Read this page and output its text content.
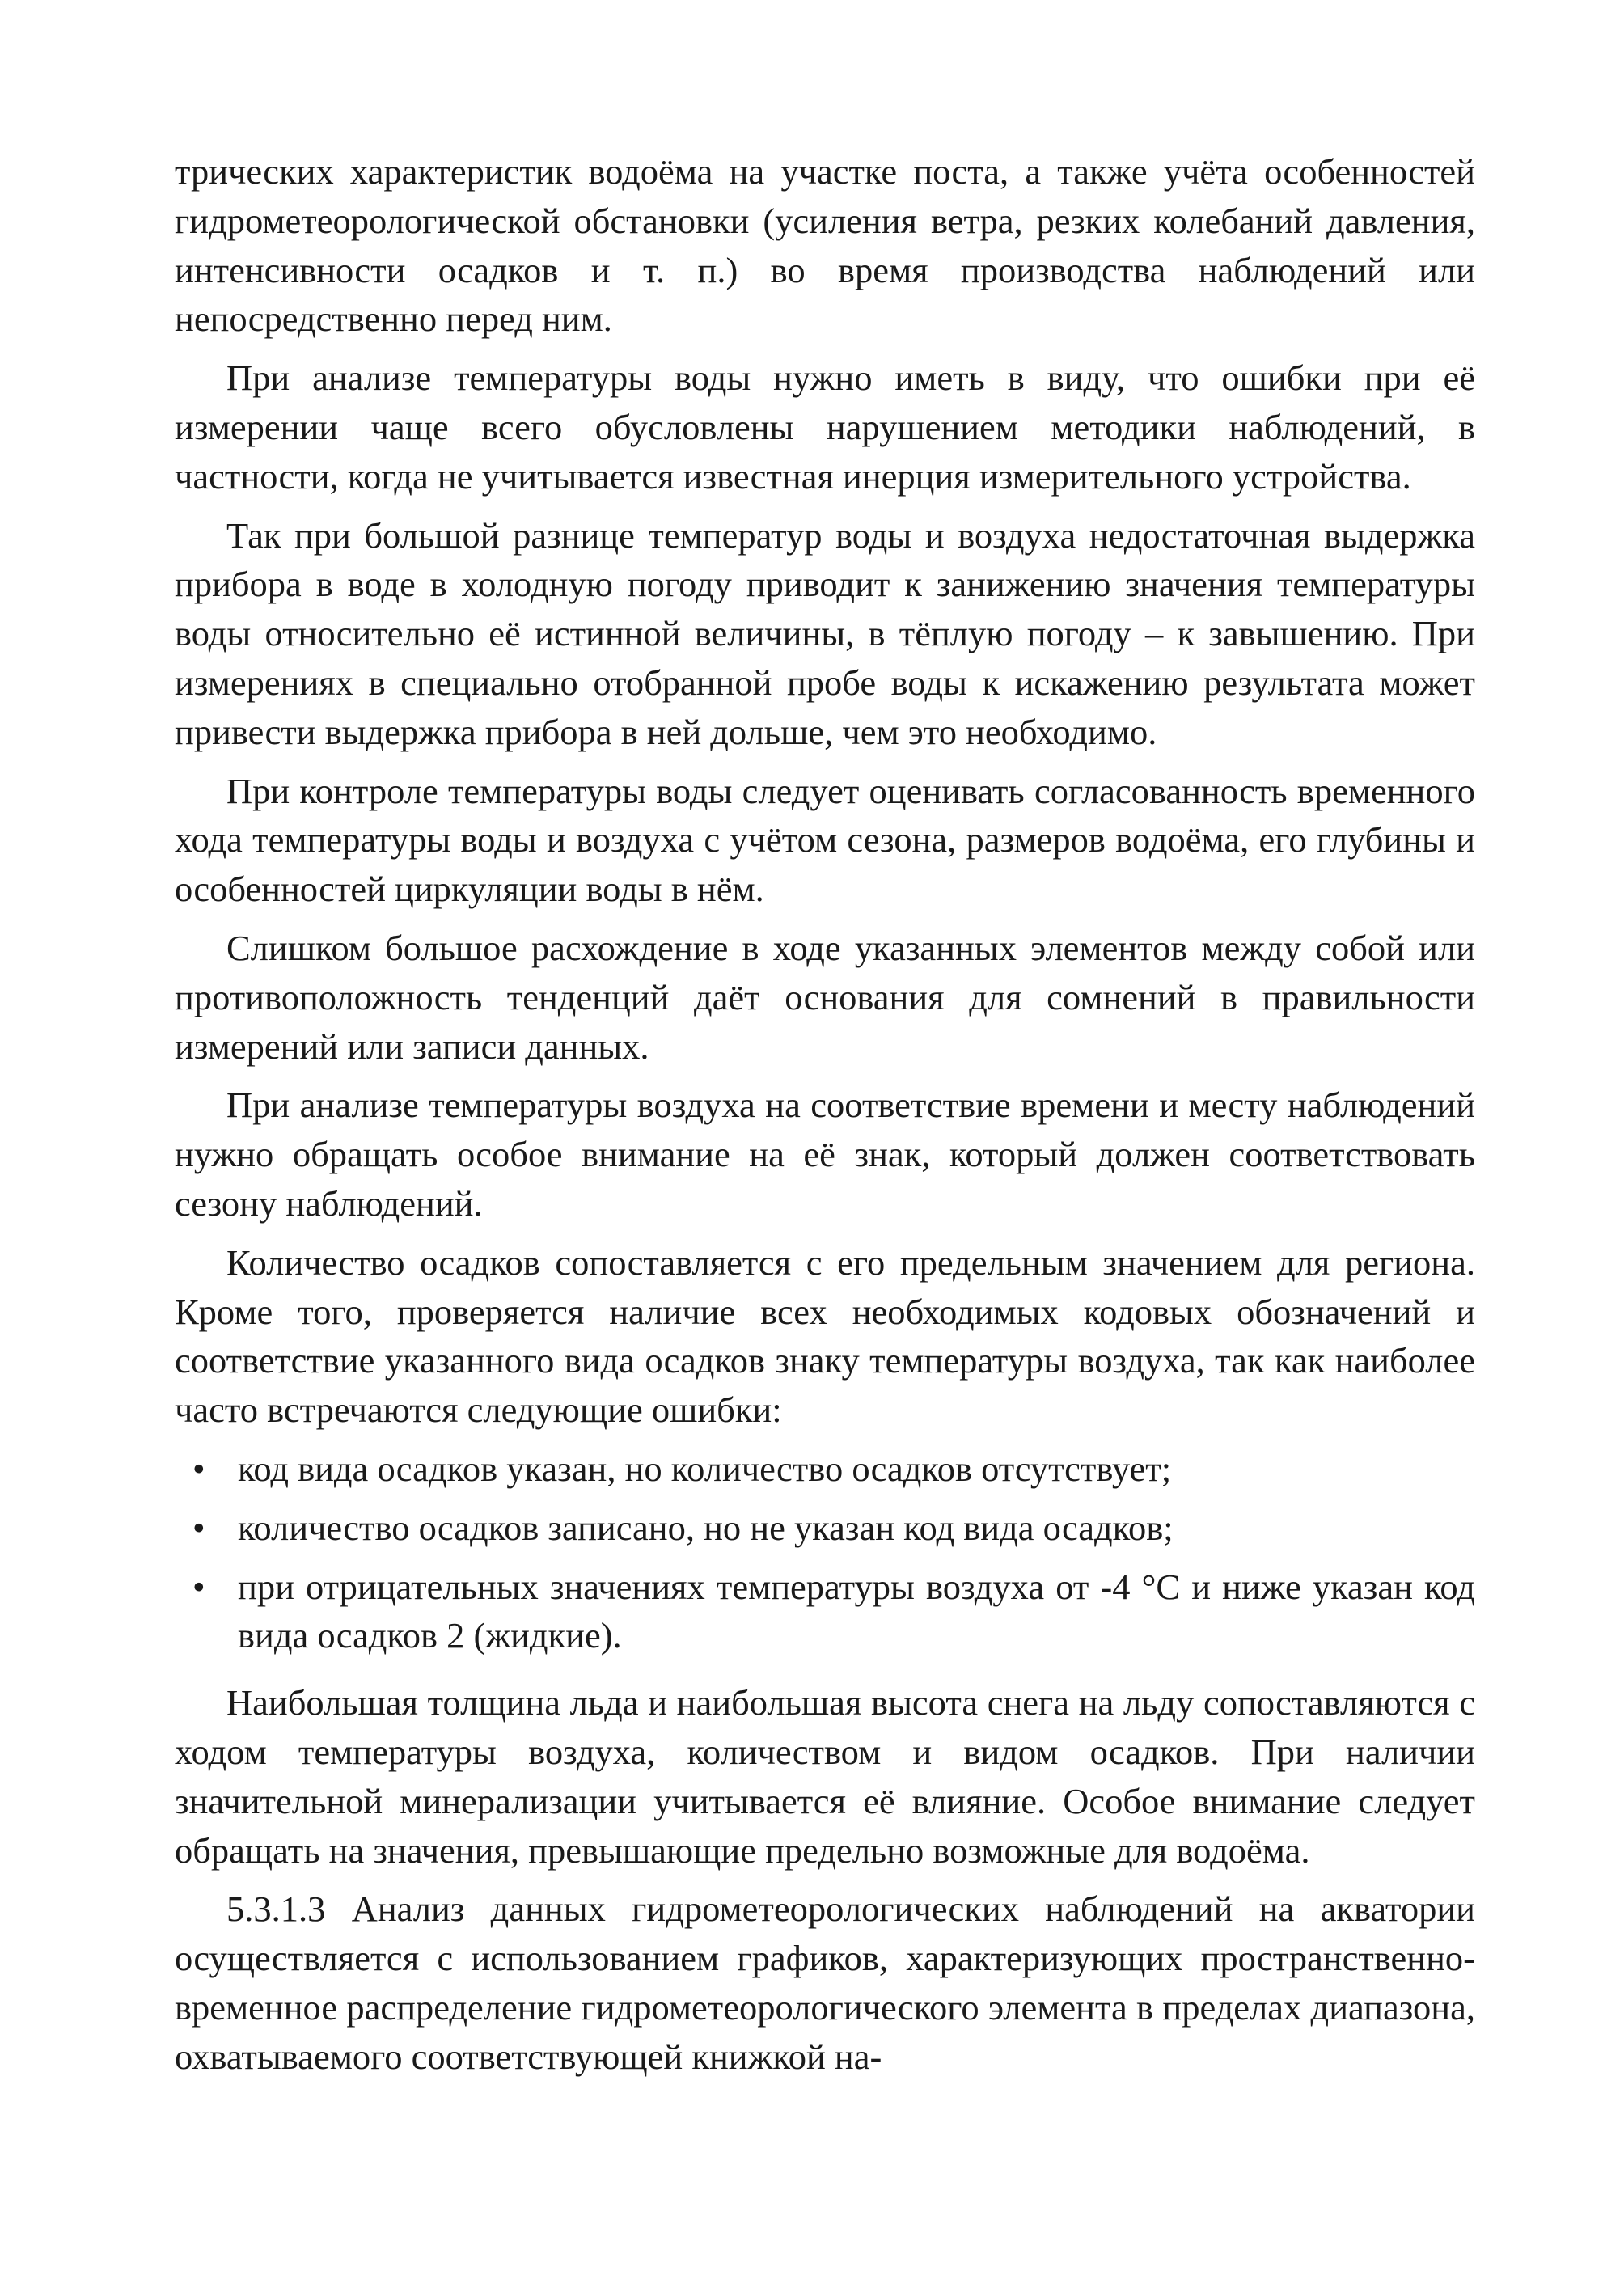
трических характеристик водоёма на участке поста, а также учёта особенностей гидрометеорологической обстановки (усиления ветра, резких колебаний давления, интенсивности осадков и т. п.) во время производства наблюдений или непосредственно перед ним.

При анализе температуры воды нужно иметь в виду, что ошибки при её измерении чаще всего обусловлены нарушением методики наблюдений, в частности, когда не учитывается известная инерция измерительного устройства.

Так при большой разнице температур воды и воздуха недостаточная выдержка прибора в воде в холодную погоду приводит к занижению значения температуры воды относительно её истинной величины, в тёплую погоду – к завышению. При измерениях в специально отобранной пробе воды к искажению результата может привести выдержка прибора в ней дольше, чем это необходимо.

При контроле температуры воды следует оценивать согласованность временного хода температуры воды и воздуха с учётом сезона, размеров водоёма, его глубины и особенностей циркуляции воды в нём.

Слишком большое расхождение в ходе указанных элементов между собой или противоположность тенденций даёт основания для сомнений в правильности измерений или записи данных.

При анализе температуры воздуха на соответствие времени и месту наблюдений нужно обращать особое внимание на её знак, который должен соответствовать сезону наблюдений.

Количество осадков сопоставляется с его предельным значением для региона. Кроме того, проверяется наличие всех необходимых кодовых обозначений и соответствие указанного вида осадков знаку температуры воздуха, так как наиболее часто встречаются следующие ошибки:

• код вида осадков указан, но количество осадков отсутствует;
• количество осадков записано, но не указан код вида осадков;
• при отрицательных значениях температуры воздуха от -4 °C и ниже указан код вида осадков 2 (жидкие).

Наибольшая толщина льда и наибольшая высота снега на льду сопоставляются с ходом температуры воздуха, количеством и видом осадков. При наличии значительной минерализации учитывается её влияние. Особое внимание следует обращать на значения, превышающие предельно возможные для водоёма.

5.3.1.3 Анализ данных гидрометеорологических наблюдений на акватории осуществляется с использованием графиков, характеризующих пространственно-временное распределение гидрометеорологического элемента в пределах диапазона, охватываемого соответствующей книжкой на-
